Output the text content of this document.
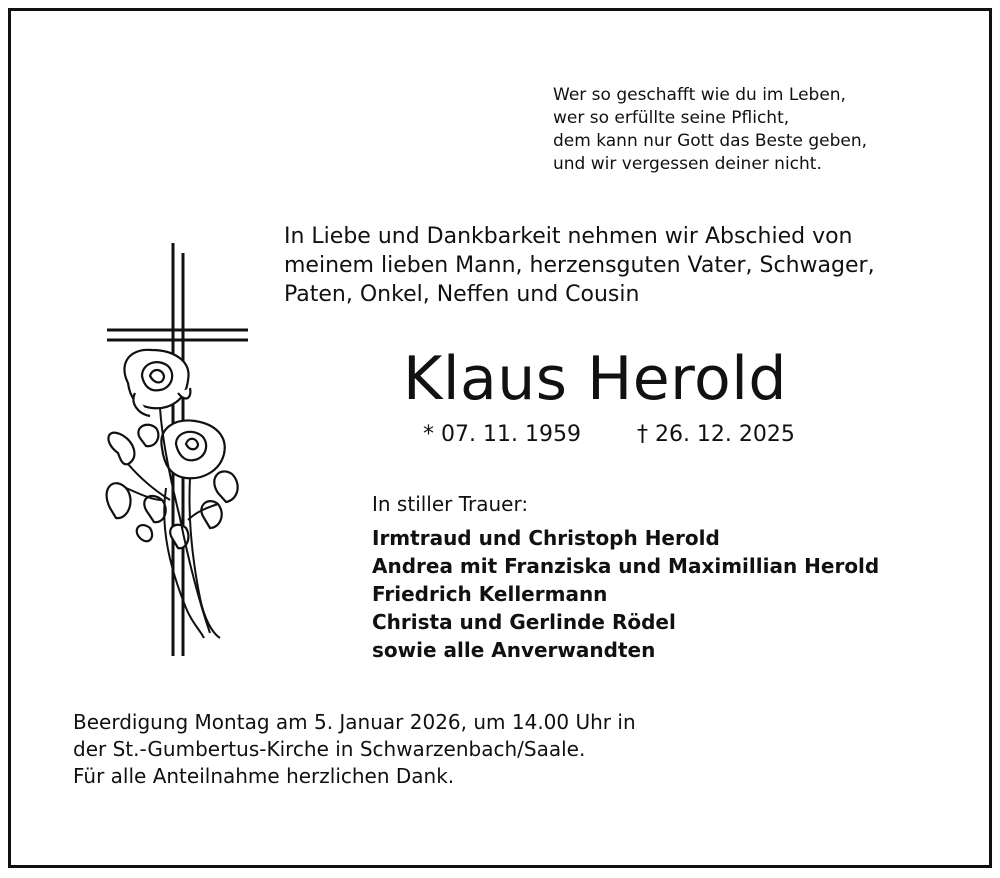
Wer so geschafft wie du im Leben,
wer so erfüllte seine Pflicht,
dem kann nur Gott das Beste geben,
und wir vergessen deiner nicht.
In Liebe und Dankbarkeit nehmen wir Abschied von
meinem lieben Mann, herzensguten Vater, Schwager,
Paten, Onkel, Neffen und Cousin
Klaus Herold
* 07. 11. 1959	† 26. 12. 2025
In stiller Trauer:
Irmtraud und Christoph Herold
Andrea mit Franziska und Maximillian Herold
Friedrich Kellermann
Christa und Gerlinde Rödel
sowie alle Anverwandten
Beerdigung Montag am 5. Januar 2026, um 14.00 Uhr in
der St.-Gumbertus-Kirche in Schwarzenbach/Saale.
Für alle Anteilnahme herzlichen Dank.
